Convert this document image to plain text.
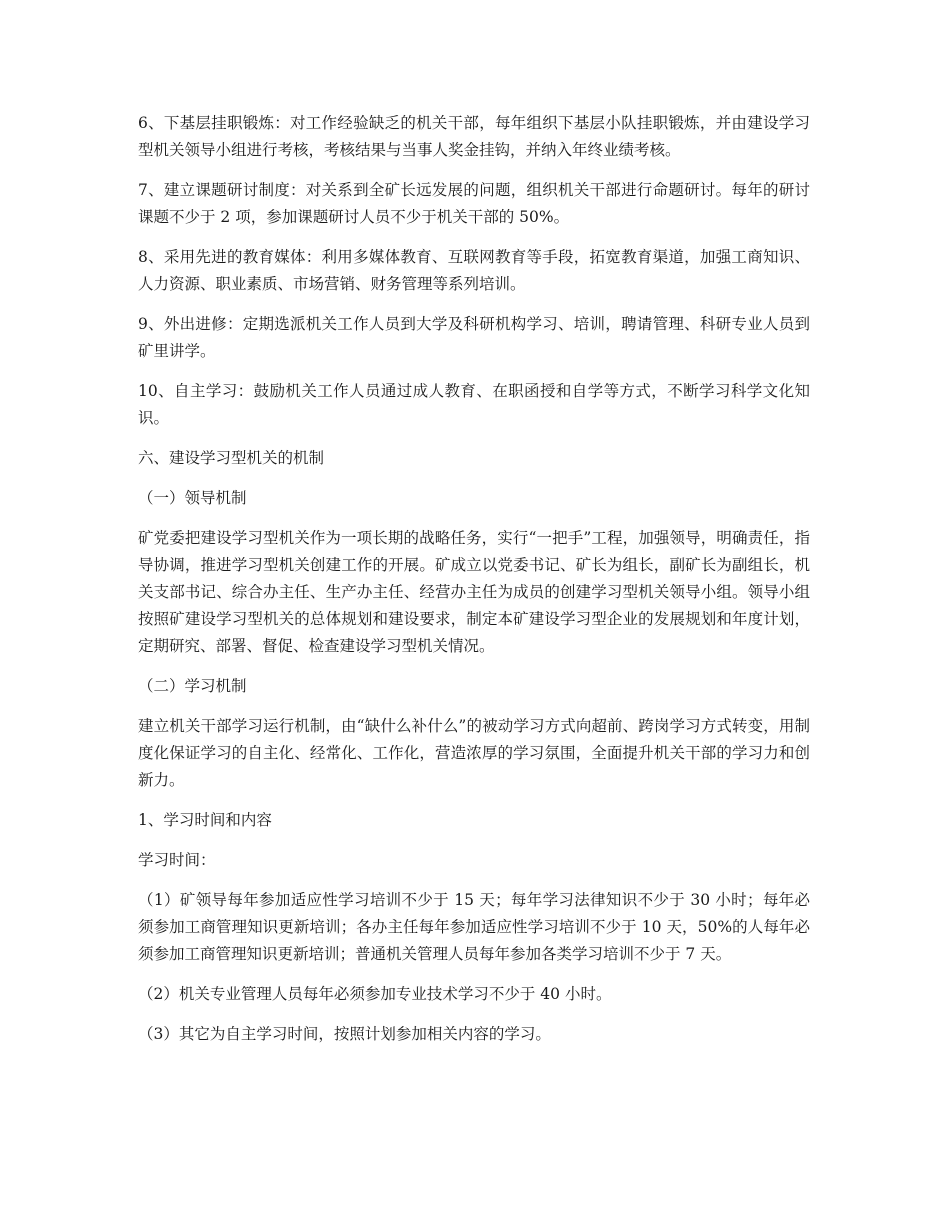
6、下基层挂职锻炼：对工作经验缺乏的机关干部，每年组织下基层小队挂职锻炼，并由建设学习型机关领导小组进行考核，考核结果与当事人奖金挂钩，并纳入年终业绩考核。

7、建立课题研讨制度：对关系到全矿长远发展的问题，组织机关干部进行命题研讨。每年的研讨课题不少于 2 项，参加课题研讨人员不少于机关干部的 50%。

8、采用先进的教育媒体：利用多媒体教育、互联网教育等手段，拓宽教育渠道，加强工商知识、人力资源、职业素质、市场营销、财务管理等系列培训。

9、外出进修：定期选派机关工作人员到大学及科研机构学习、培训，聘请管理、科研专业人员到矿里讲学。

10、自主学习：鼓励机关工作人员通过成人教育、在职函授和自学等方式，不断学习科学文化知识。

六、建设学习型机关的机制

（一）领导机制

矿党委把建设学习型机关作为一项长期的战略任务，实行“一把手”工程，加强领导，明确责任，指导协调，推进学习型机关创建工作的开展。矿成立以党委书记、矿长为组长，副矿长为副组长，机关支部书记、综合办主任、生产办主任、经营办主任为成员的创建学习型机关领导小组。领导小组按照矿建设学习型机关的总体规划和建设要求，制定本矿建设学习型企业的发展规划和年度计划，定期研究、部署、督促、检查建设学习型机关情况。

（二）学习机制

建立机关干部学习运行机制，由“缺什么补什么”的被动学习方式向超前、跨岗学习方式转变，用制度化保证学习的自主化、经常化、工作化，营造浓厚的学习氛围，全面提升机关干部的学习力和创新力。

1、学习时间和内容

学习时间：

（1）矿领导每年参加适应性学习培训不少于 15 天；每年学习法律知识不少于 30 小时；每年必须参加工商管理知识更新培训；各办主任每年参加适应性学习培训不少于 10 天，50%的人每年必须参加工商管理知识更新培训；普通机关管理人员每年参加各类学习培训不少于 7 天。

（2）机关专业管理人员每年必须参加专业技术学习不少于 40 小时。

（3）其它为自主学习时间，按照计划参加相关内容的学习。
